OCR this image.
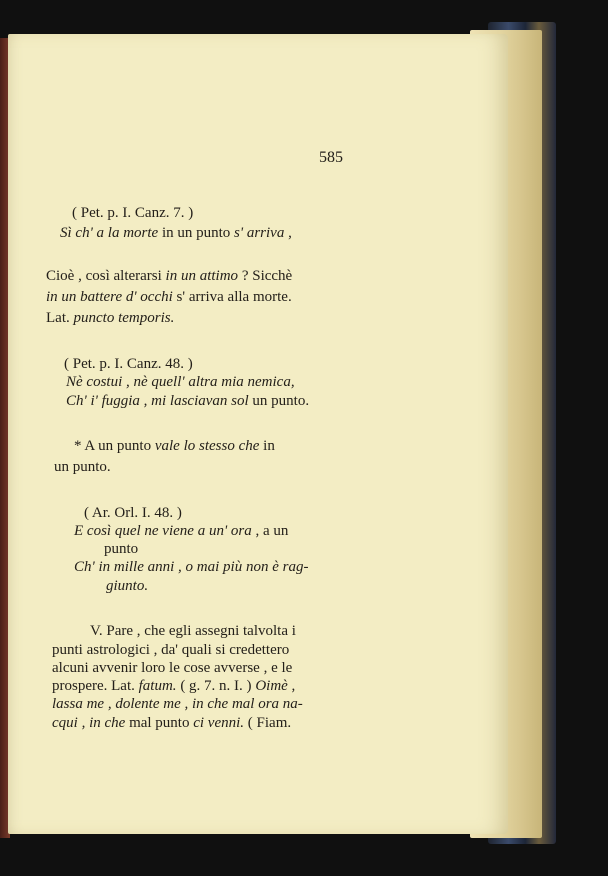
585

( Pet. p. I. Canz. 7. )

Sì ch' a la morte in un punto s' arriva ,

Cioè , così alterarsi in un attimo ? Sicchè

in un battere d' occhi s' arriva alla morte.

Lat. puncto temporis.

( Pet. p. I. Canz. 48. )

Nè costui , nè quell' altra mia nemica,

Ch' i' fuggia , mi lasciavan sol un punto.

* A un punto vale lo stesso che in

un punto.

( Ar. Orl. I. 48. )

E così quel ne viene a un' ora , a un

punto

Ch' in mille anni , o mai più non è rag-

giunto.

V. Pare , che egli assegni talvolta i

punti astrologici , da' quali si credettero

alcuni avvenir loro le cose avverse , e le

prospere. Lat. fatum. ( g. 7. n. I. ) Oimè ,

lassa me , dolente me , in che mal ora na-

cqui , in che mal punto ci venni. ( Fiam.
